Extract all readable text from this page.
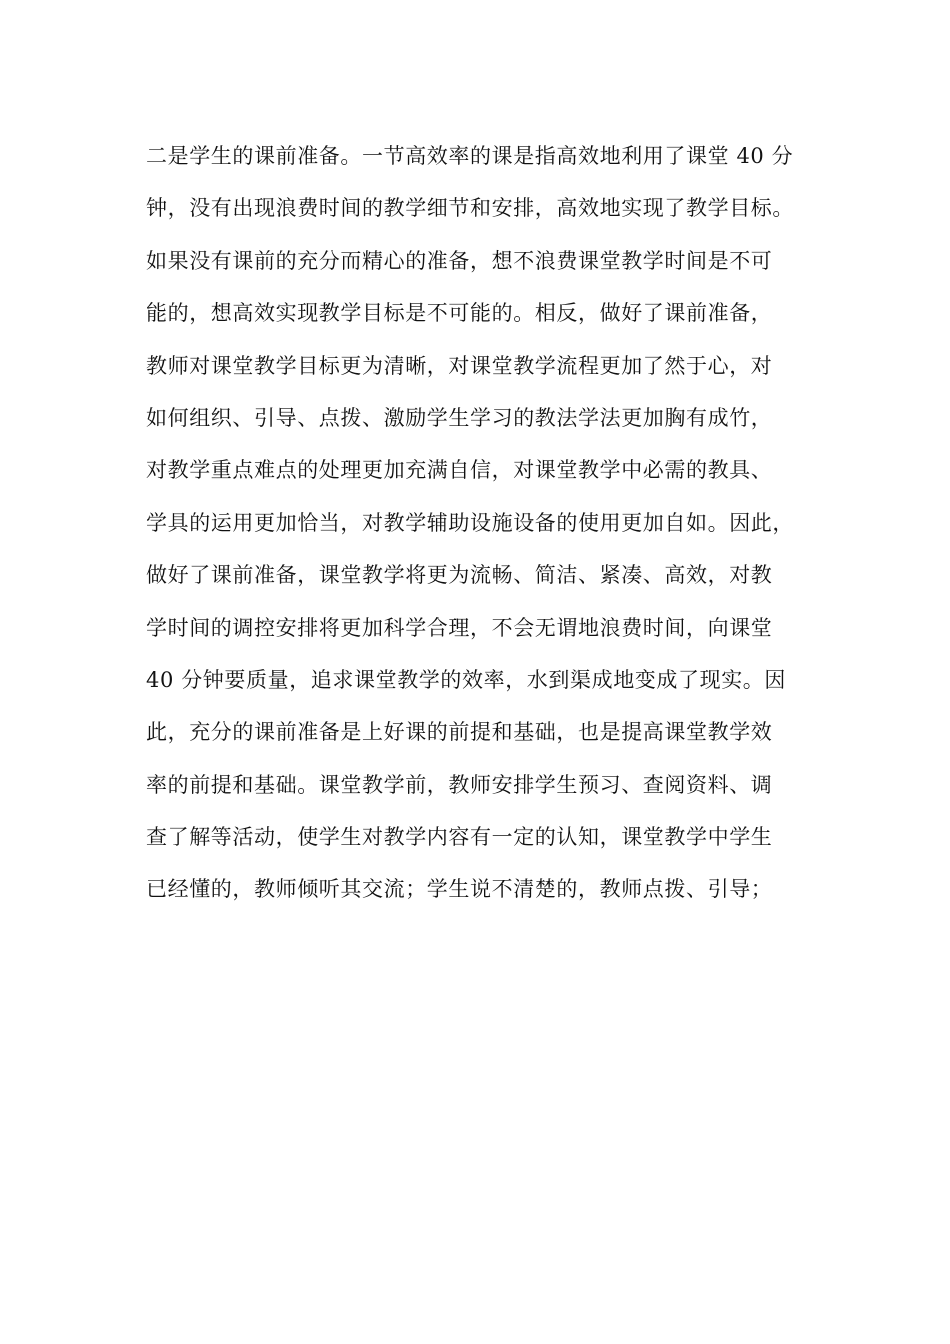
二是学生的课前准备。一节高效率的课是指高效地利用了课堂 40 分

钟，没有出现浪费时间的教学细节和安排，高效地实现了教学目标。

如果没有课前的充分而精心的准备，想不浪费课堂教学时间是不可

能的，想高效实现教学目标是不可能的。相反，做好了课前准备，

教师对课堂教学目标更为清晰，对课堂教学流程更加了然于心，对

如何组织、引导、点拨、激励学生学习的教法学法更加胸有成竹，

对教学重点难点的处理更加充满自信，对课堂教学中必需的教具、

学具的运用更加恰当，对教学辅助设施设备的使用更加自如。因此，

做好了课前准备，课堂教学将更为流畅、简洁、紧凑、高效，对教

学时间的调控安排将更加科学合理，不会无谓地浪费时间，向课堂

40 分钟要质量，追求课堂教学的效率，水到渠成地变成了现实。因

此，充分的课前准备是上好课的前提和基础，也是提高课堂教学效

率的前提和基础。课堂教学前，教师安排学生预习、查阅资料、调

查了解等活动，使学生对教学内容有一定的认知，课堂教学中学生

已经懂的，教师倾听其交流；学生说不清楚的，教师点拨、引导；
